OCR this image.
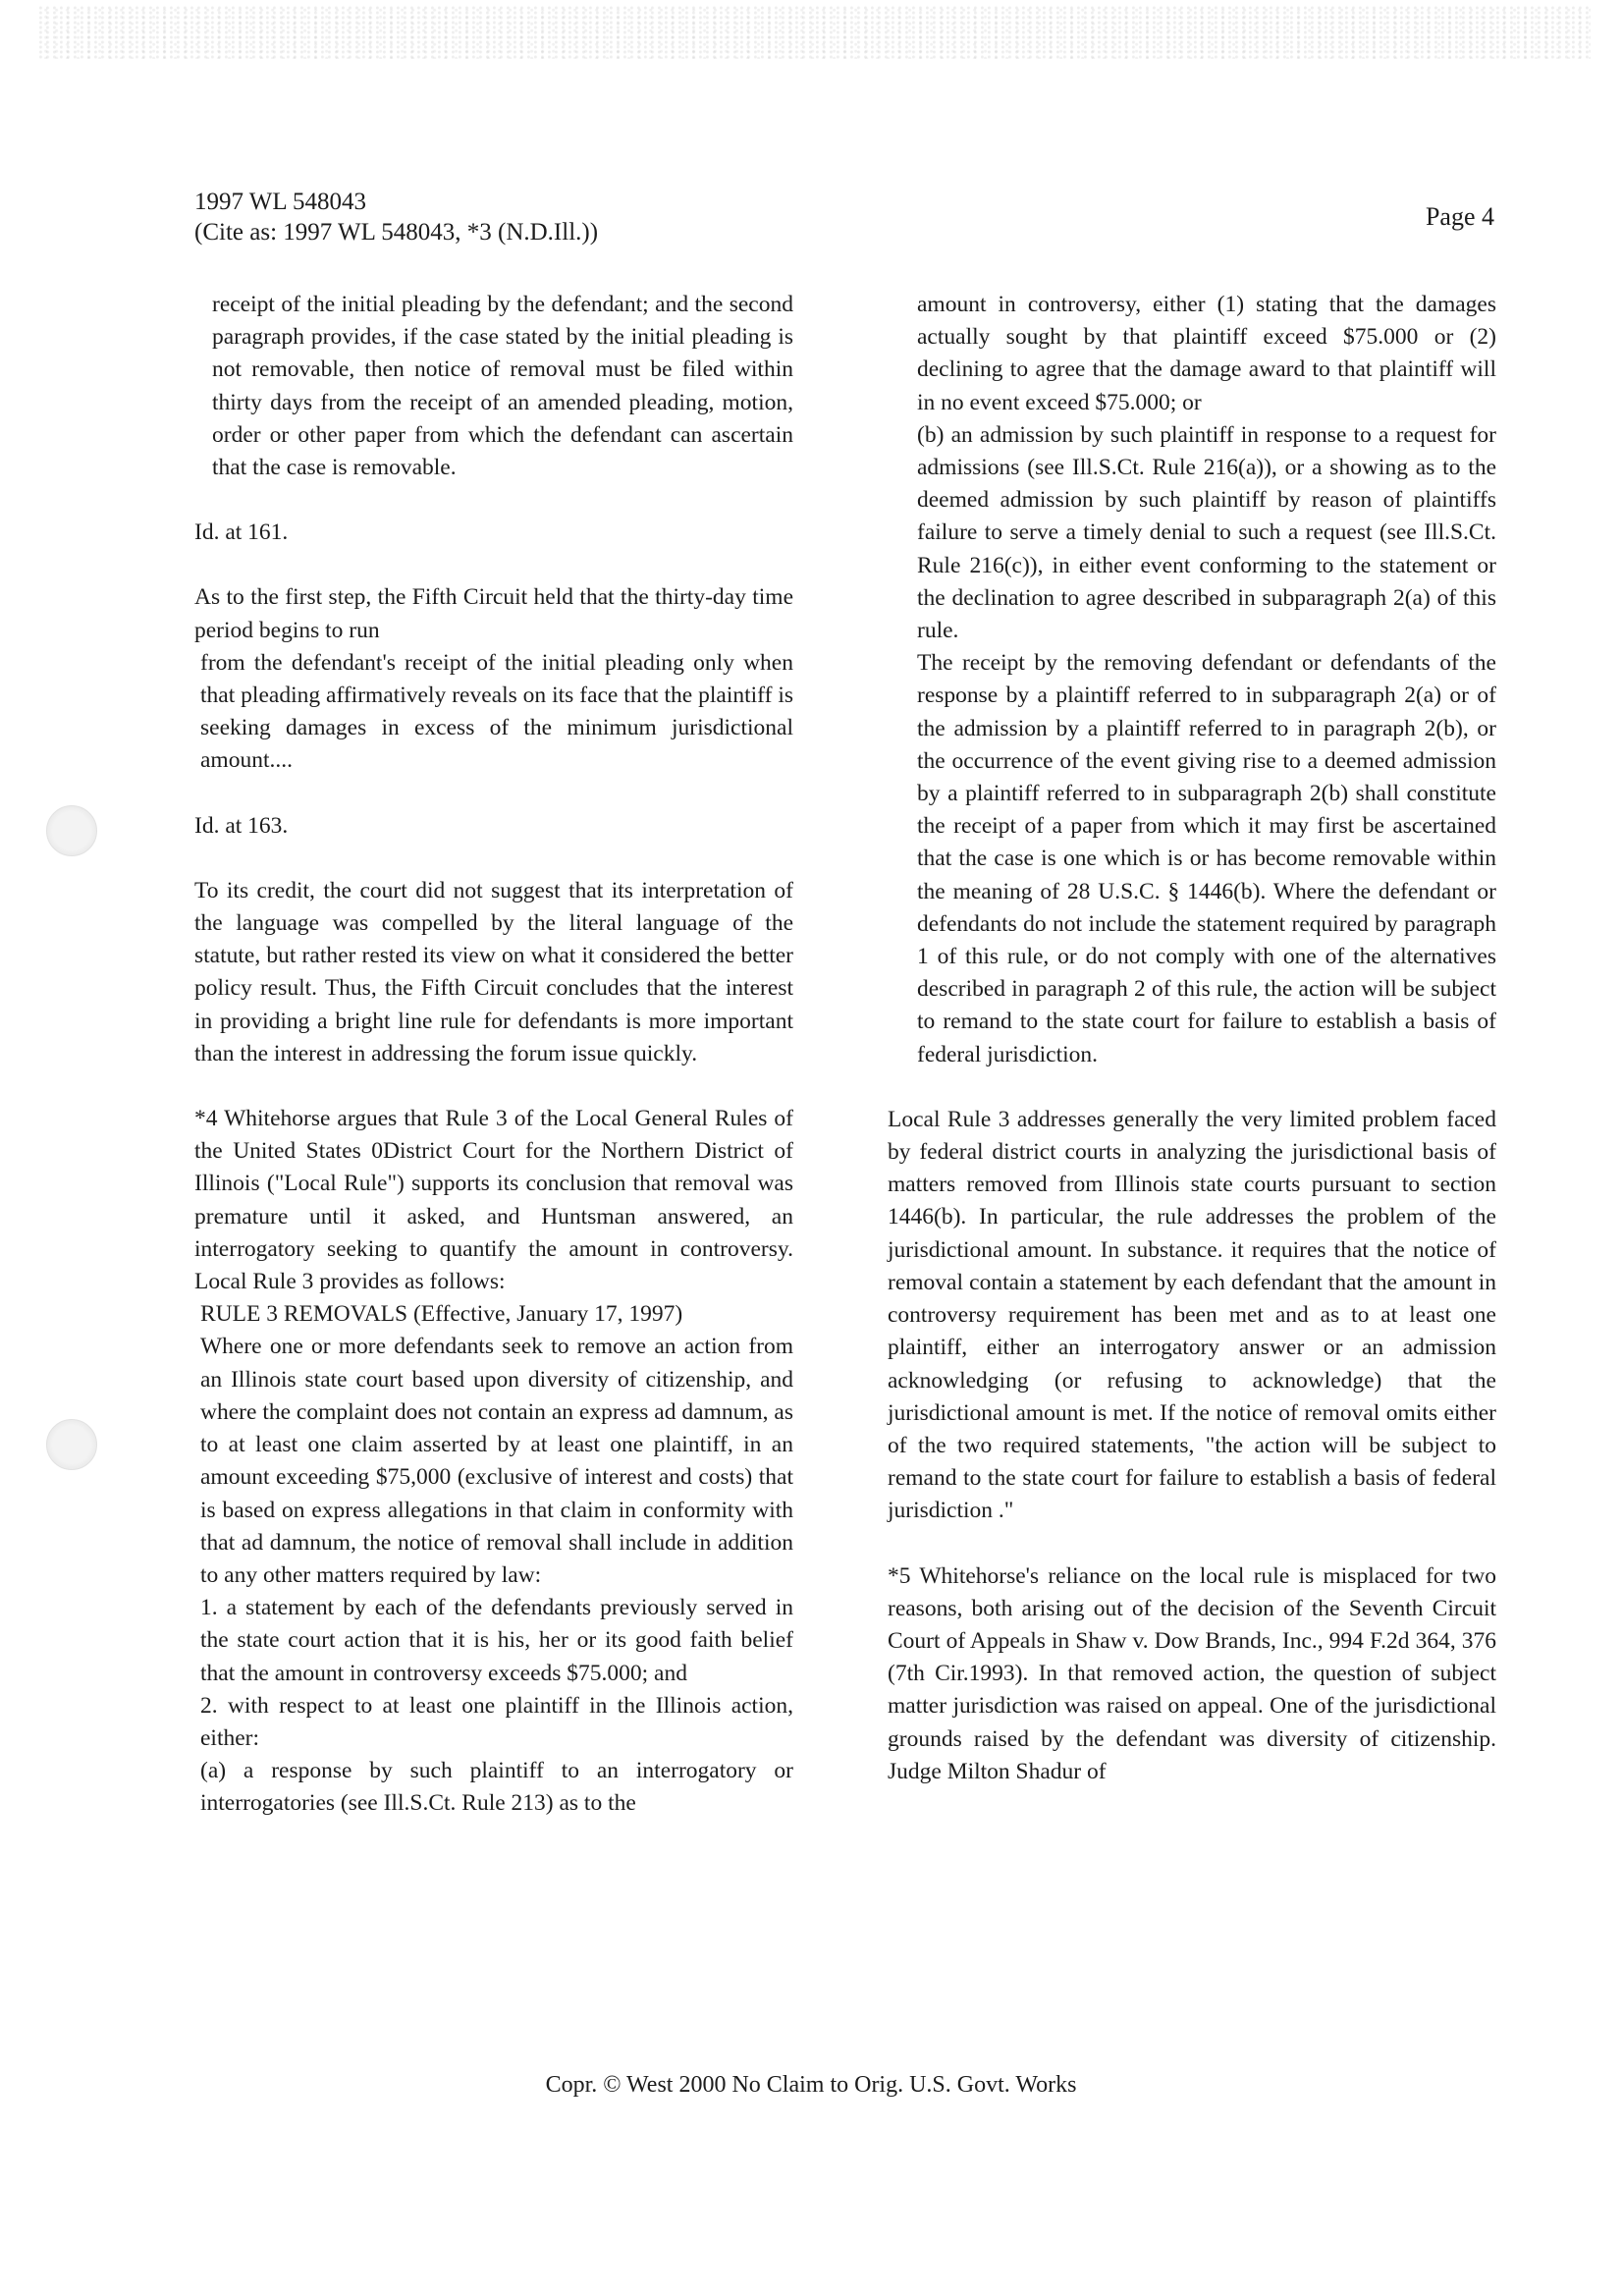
1997 WL 548043
(Cite as: 1997 WL 548043, *3 (N.D.Ill.))
Page 4

receipt of the initial pleading by the defendant; and the second paragraph provides, if the case stated by the initial pleading is not removable, then notice of removal must be filed within thirty days from the receipt of an amended pleading, motion, order or other paper from which the defendant can ascertain that the case is removable.

Id. at 161.

As to the first step, the Fifth Circuit held that the thirty-day time period begins to run

from the defendant's receipt of the initial pleading only when that pleading affirmatively reveals on its face that the plaintiff is seeking damages in excess of the minimum jurisdictional amount....

Id. at 163.

To its credit, the court did not suggest that its interpretation of the language was compelled by the literal language of the statute, but rather rested its view on what it considered the better policy result. Thus, the Fifth Circuit concludes that the interest in providing a bright line rule for defendants is more important than the interest in addressing the forum issue quickly.

*4 Whitehorse argues that Rule 3 of the Local General Rules of the United States 0District Court for the Northern District of Illinois ("Local Rule") supports its conclusion that removal was premature until it asked, and Huntsman answered, an interrogatory seeking to quantify the amount in controversy. Local Rule 3 provides as follows:

RULE 3 REMOVALS (Effective, January 17, 1997)

Where one or more defendants seek to remove an action from an Illinois state court based upon diversity of citizenship, and where the complaint does not contain an express ad damnum, as to at least one claim asserted by at least one plaintiff, in an amount exceeding $75,000 (exclusive of interest and costs) that is based on express allegations in that claim in conformity with that ad damnum, the notice of removal shall include in addition to any other matters required by law:

1. a statement by each of the defendants previously served in the state court action that it is his, her or its good faith belief that the amount in controversy exceeds $75.000; and

2. with respect to at least one plaintiff in the Illinois action, either:

(a) a response by such plaintiff to an interrogatory or interrogatories (see Ill.S.Ct. Rule 213) as to the

amount in controversy, either (1) stating that the damages actually sought by that plaintiff exceed $75.000 or (2) declining to agree that the damage award to that plaintiff will in no event exceed $75.000; or

(b) an admission by such plaintiff in response to a request for admissions (see Ill.S.Ct. Rule 216(a)), or a showing as to the deemed admission by such plaintiff by reason of plaintiffs failure to serve a timely denial to such a request (see Ill.S.Ct. Rule 216(c)), in either event conforming to the statement or the declination to agree described in subparagraph 2(a) of this rule.

The receipt by the removing defendant or defendants of the response by a plaintiff referred to in subparagraph 2(a) or of the admission by a plaintiff referred to in paragraph 2(b), or the occurrence of the event giving rise to a deemed admission by a plaintiff referred to in subparagraph 2(b) shall constitute the receipt of a paper from which it may first be ascertained that the case is one which is or has become removable within the meaning of 28 U.S.C. § 1446(b). Where the defendant or defendants do not include the statement required by paragraph 1 of this rule, or do not comply with one of the alternatives described in paragraph 2 of this rule, the action will be subject to remand to the state court for failure to establish a basis of federal jurisdiction.

Local Rule 3 addresses generally the very limited problem faced by federal district courts in analyzing the jurisdictional basis of matters removed from Illinois state courts pursuant to section 1446(b). In particular, the rule addresses the problem of the jurisdictional amount. In substance. it requires that the notice of removal contain a statement by each defendant that the amount in controversy requirement has been met and as to at least one plaintiff, either an interrogatory answer or an admission acknowledging (or refusing to acknowledge) that the jurisdictional amount is met. If the notice of removal omits either of the two required statements, "the action will be subject to remand to the state court for failure to establish a basis of federal jurisdiction ."

*5 Whitehorse's reliance on the local rule is misplaced for two reasons, both arising out of the decision of the Seventh Circuit Court of Appeals in Shaw v. Dow Brands, Inc., 994 F.2d 364, 376 (7th Cir.1993). In that removed action, the question of subject matter jurisdiction was raised on appeal. One of the jurisdictional grounds raised by the defendant was diversity of citizenship. Judge Milton Shadur of

Copr. © West 2000 No Claim to Orig. U.S. Govt. Works
